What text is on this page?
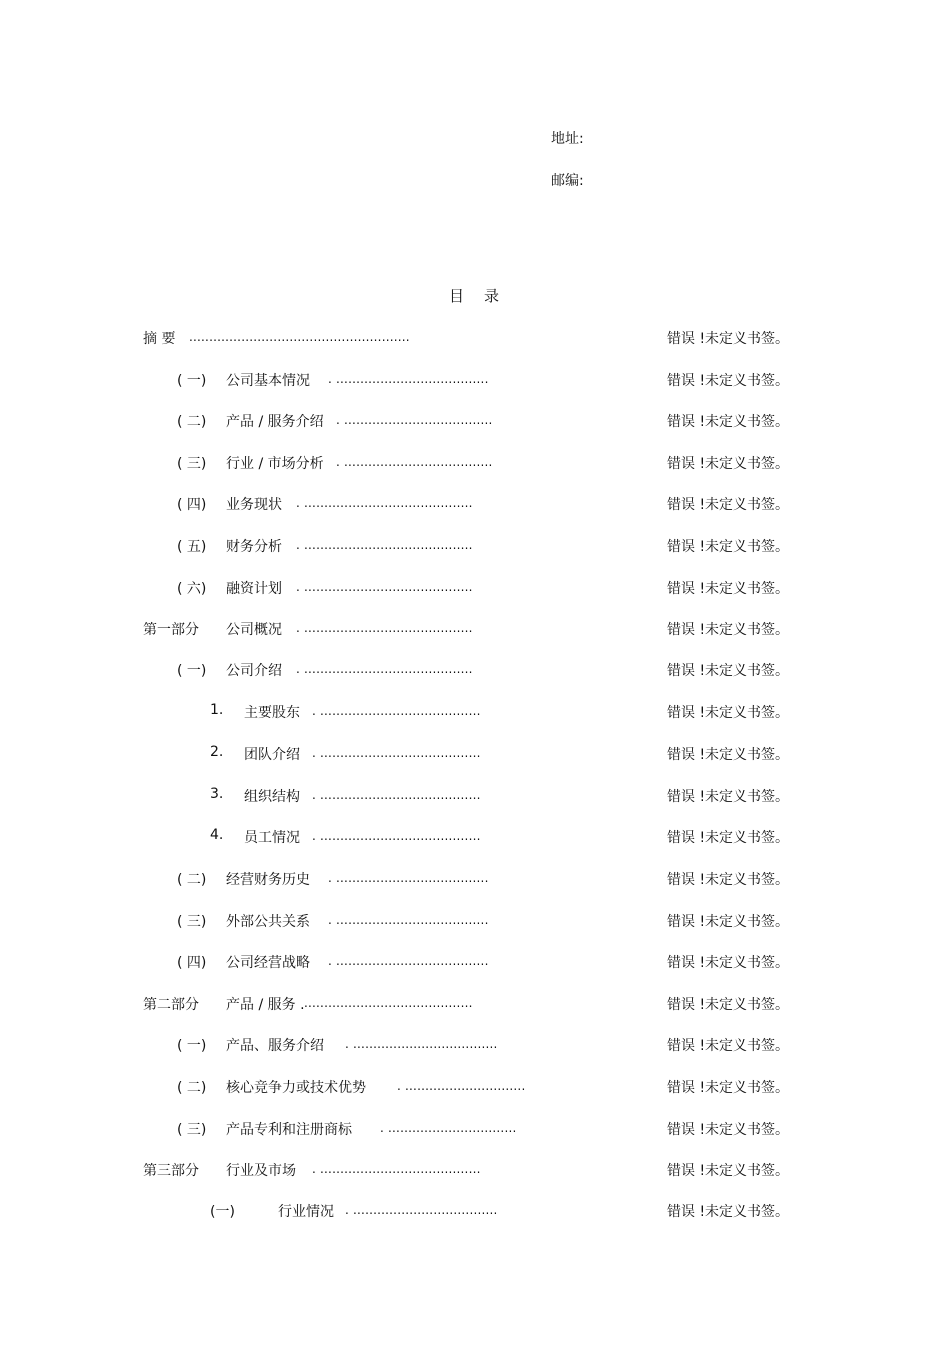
地址:
邮编:
目 录
摘 要 .......................................................	错误 !未定义书签。
( 一) 公司基本情况 . ......................................	错误 !未定义书签。
( 二) 产品 / 服务介绍 . .....................................	错误 !未定义书签。
( 三) 行业 / 市场分析 . .....................................	错误 !未定义书签。
( 四) 业务现状 . ..........................................	错误 !未定义书签。
( 五) 财务分析 . ..........................................	错误 !未定义书签。
( 六) 融资计划 . ..........................................	错误 !未定义书签。
第一部分 公司概况 . ..........................................	错误 !未定义书签。
( 一) 公司介绍 . ..........................................	错误 !未定义书签。
1. 主要股东 . ........................................	错误 !未定义书签。
2. 团队介绍 . ........................................	错误 !未定义书签。
3. 组织结构 . ........................................	错误 !未定义书签。
4. 员工情况 . ........................................	错误 !未定义书签。
( 二) 经营财务历史 . ......................................	错误 !未定义书签。
( 三) 外部公共关系 . ......................................	错误 !未定义书签。
( 四) 公司经营战略 . ......................................	错误 !未定义书签。
第二部分 产品 / 服务 . ..........................................	错误 !未定义书签。
( 一) 产品、服务介绍 . ....................................	错误 !未定义书签。
( 二) 核心竞争力或技术优势	. ..............................	错误 !未定义书签。
( 三) 产品专利和注册商标 . ................................	错误 !未定义书签。
第三部分 行业及市场 . ........................................	错误 !未定义书签。
(一)	行业情况 . ....................................	错误 !未定义书签。
